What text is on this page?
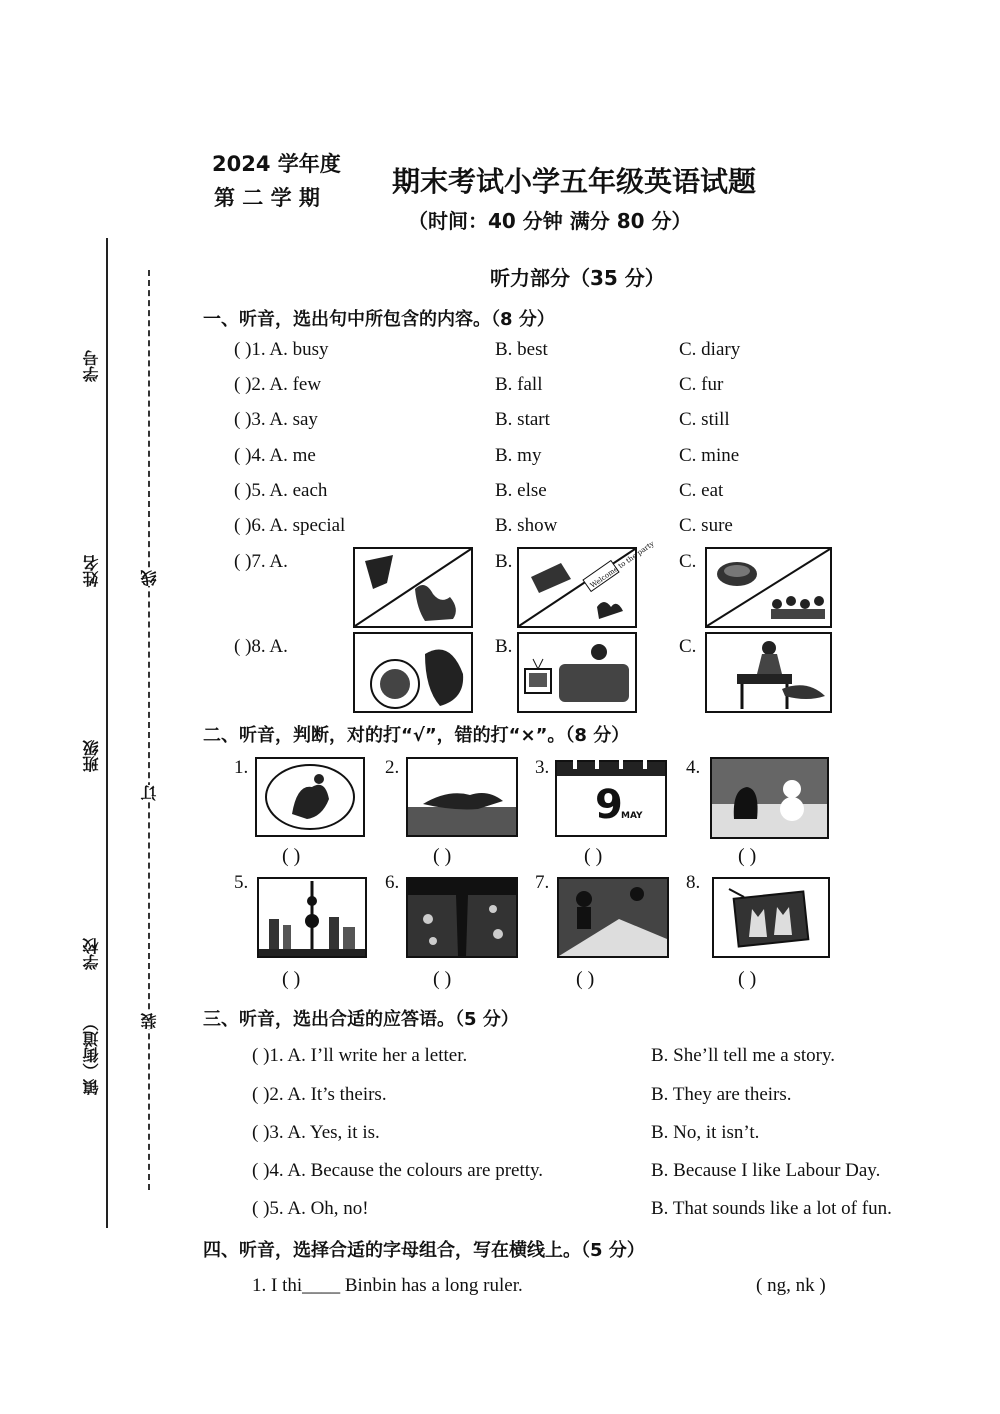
学号
姓名
班级
学校
镇（街道）
线
订
装
2024 学年度
第 二 学 期	期末考试小学五年级英语试题
（时间：40 分钟 满分 80 分）
听力部分（35 分）
一、听音，选出句中所包含的内容。（8 分）
( )1. A. busy	B. best	C. diary
( )2. A. few	B. fall	C. fur
( )3. A. say	B. start	C. still
( )4. A. me	B. my	C. mine
( )5. A. each	B. else	C. eat
( )6. A. special	B. show	C. sure
( )7. A.	B.	Welcome to the party C.
( )8. A.	B.	C.
二、听音，判断，对的打“√”，错的打“×”。（8 分）
1.	2.	3.
9
MAY
4.
( )	( )	( )	( )
5.	6.	7.	8.
( )	( )	( )	( )
三、听音，选出合适的应答语。（5 分）
( )1. A. I’ll write her a letter.	B. She’ll tell me a story.
( )2. A. It’s theirs.	B. They are theirs.
( )3. A. Yes, it is.	B. No, it isn’t.
( )4. A. Because the colours are pretty.	B. Because I like Labour Day.
( )5. A. Oh, no!	B. That sounds like a lot of fun.
四、听音，选择合适的字母组合，写在横线上。（5 分）
1. I thi____ Binbin has a long ruler.	( ng, nk )
